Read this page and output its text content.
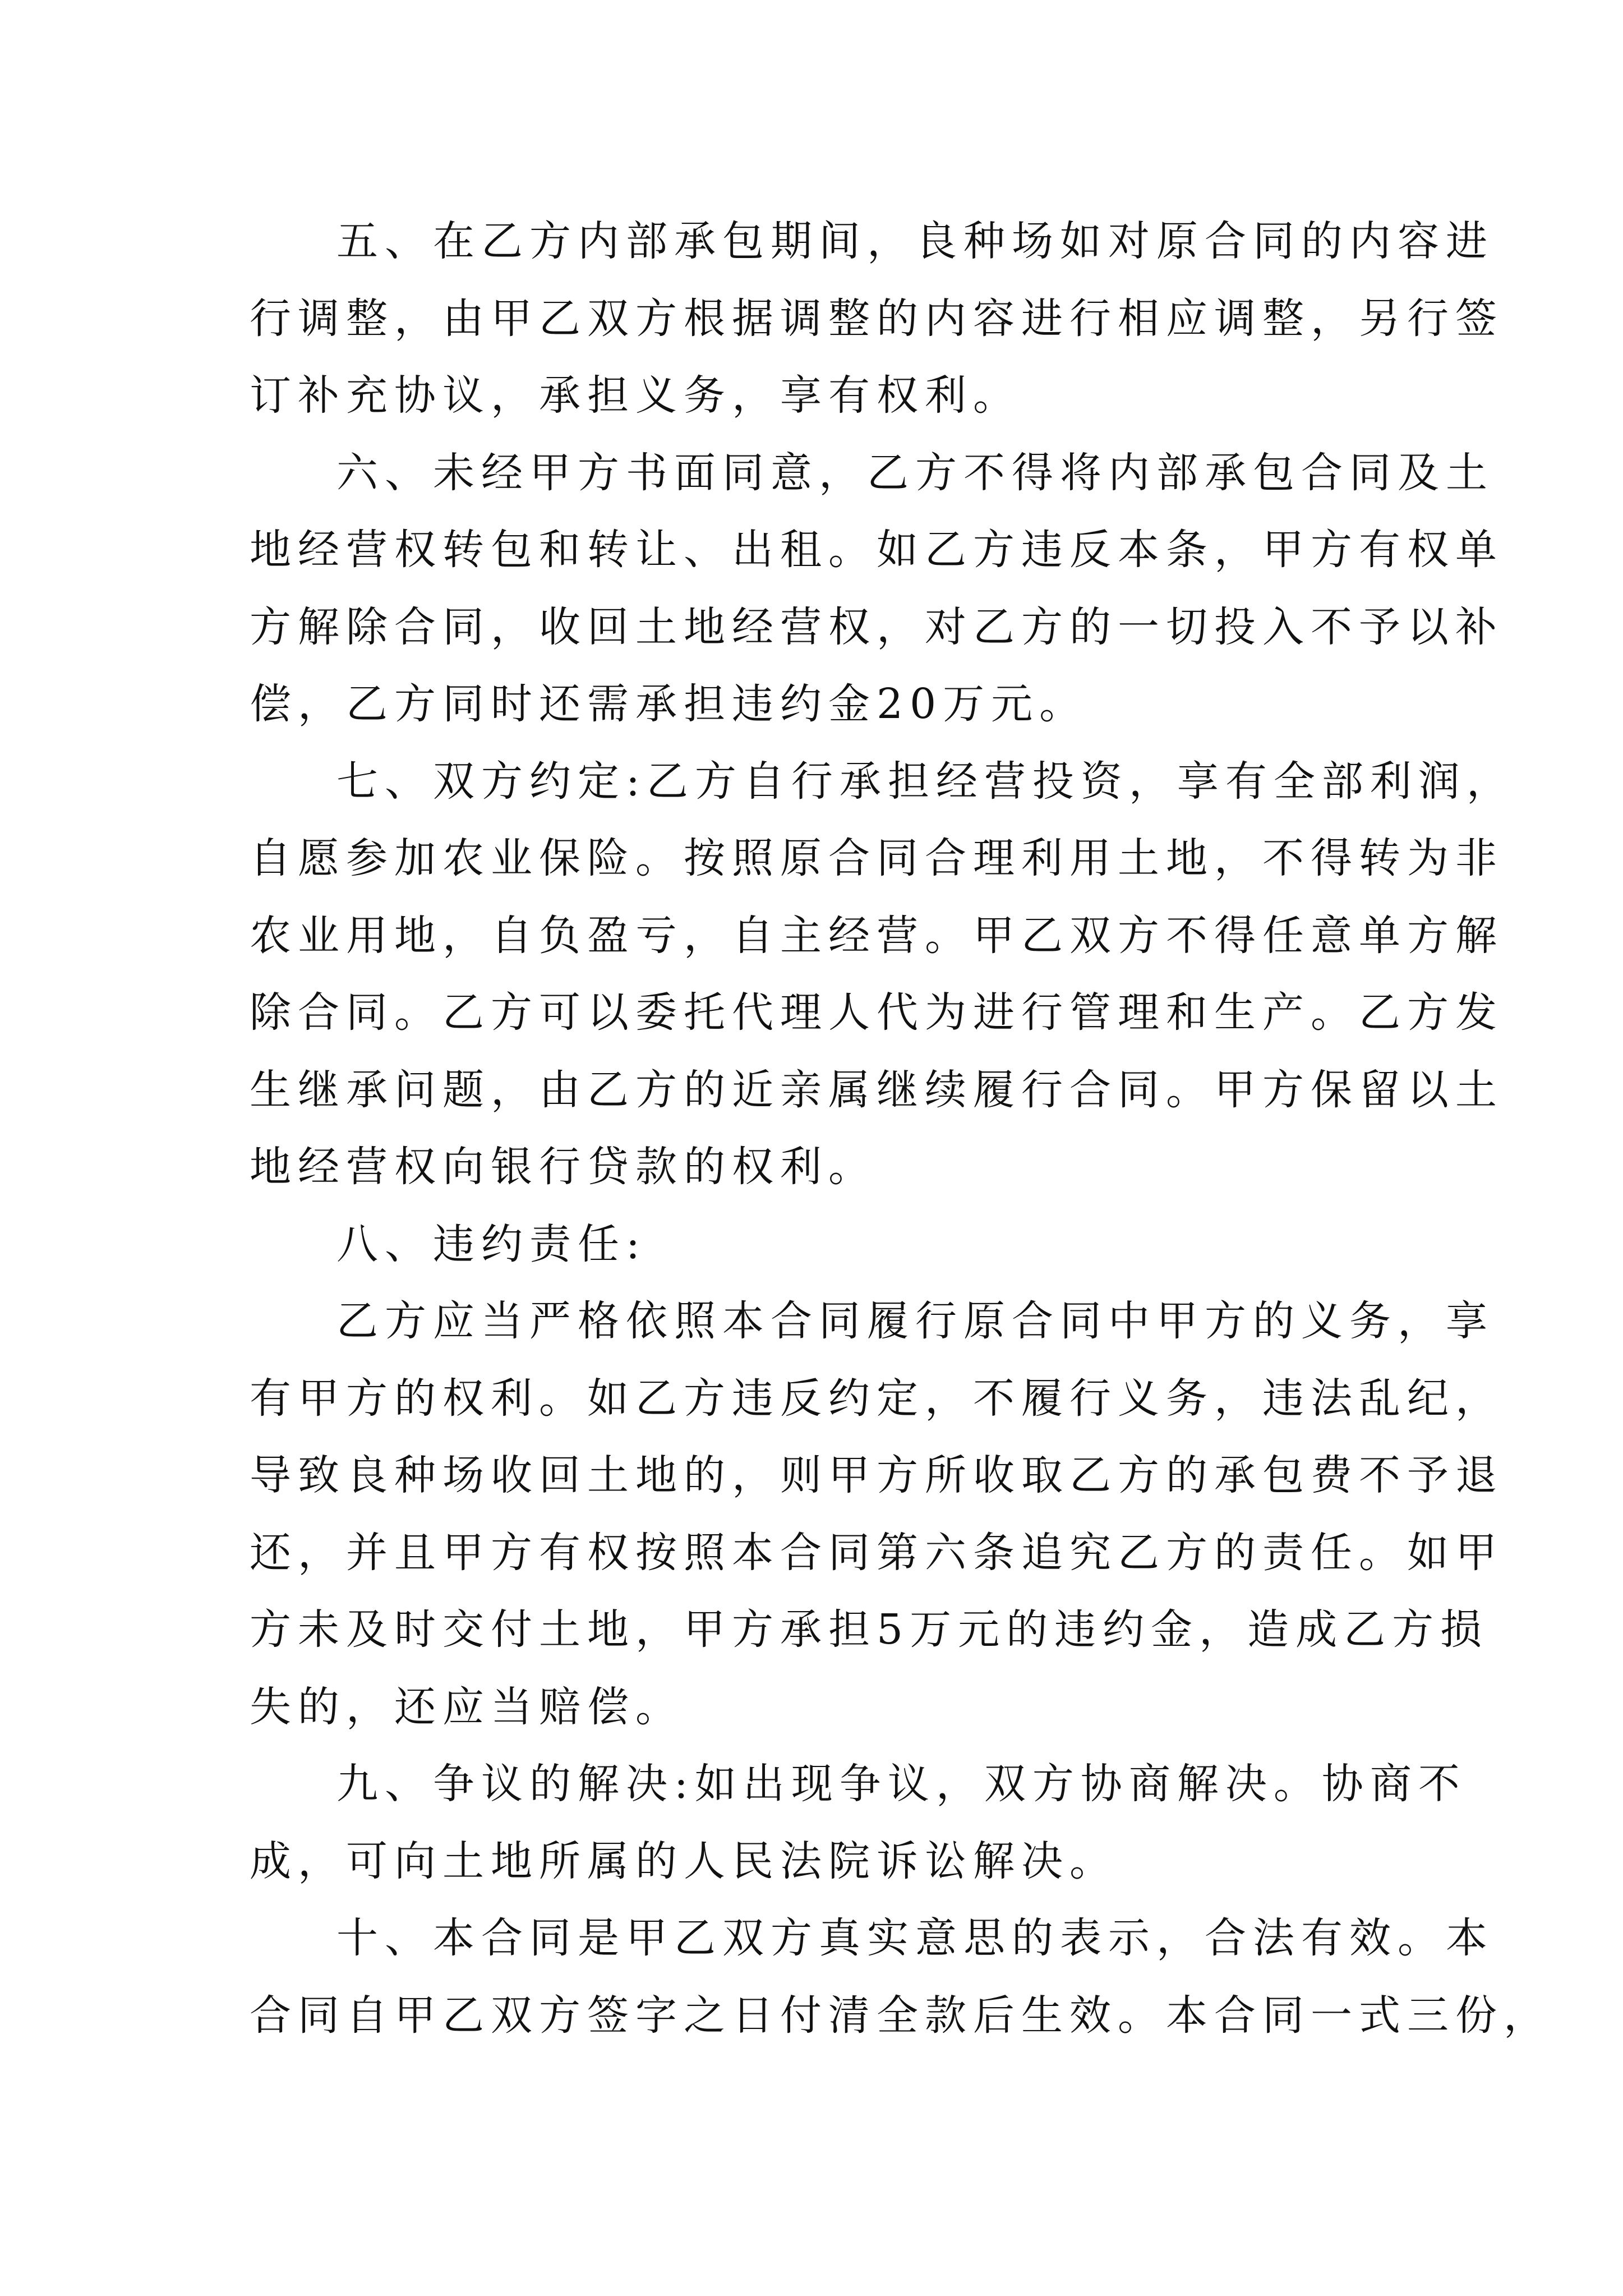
五、在乙方内部承包期间，良种场如对原合同的内容进
行调整，由甲乙双方根据调整的内容进行相应调整，另行签
订补充协议，承担义务，享有权利。
六、未经甲方书面同意，乙方不得将内部承包合同及土
地经营权转包和转让、出租。如乙方违反本条，甲方有权单
方解除合同，收回土地经营权，对乙方的一切投入不予以补
偿，乙方同时还需承担违约金20万元。
七、双方约定:乙方自行承担经营投资，享有全部利润，
自愿参加农业保险。按照原合同合理利用土地，不得转为非
农业用地，自负盈亏，自主经营。甲乙双方不得任意单方解
除合同。乙方可以委托代理人代为进行管理和生产。乙方发
生继承问题，由乙方的近亲属继续履行合同。甲方保留以土
地经营权向银行贷款的权利。
八、违约责任:
乙方应当严格依照本合同履行原合同中甲方的义务，享
有甲方的权利。如乙方违反约定，不履行义务，违法乱纪，
导致良种场收回土地的，则甲方所收取乙方的承包费不予退
还，并且甲方有权按照本合同第六条追究乙方的责任。如甲
方未及时交付土地，甲方承担5万元的违约金，造成乙方损
失的，还应当赔偿。
九、争议的解决:如出现争议，双方协商解决。协商不
成，可向土地所属的人民法院诉讼解决。
十、本合同是甲乙双方真实意思的表示，合法有效。本
合同自甲乙双方签字之日付清全款后生效。本合同一式三份，
